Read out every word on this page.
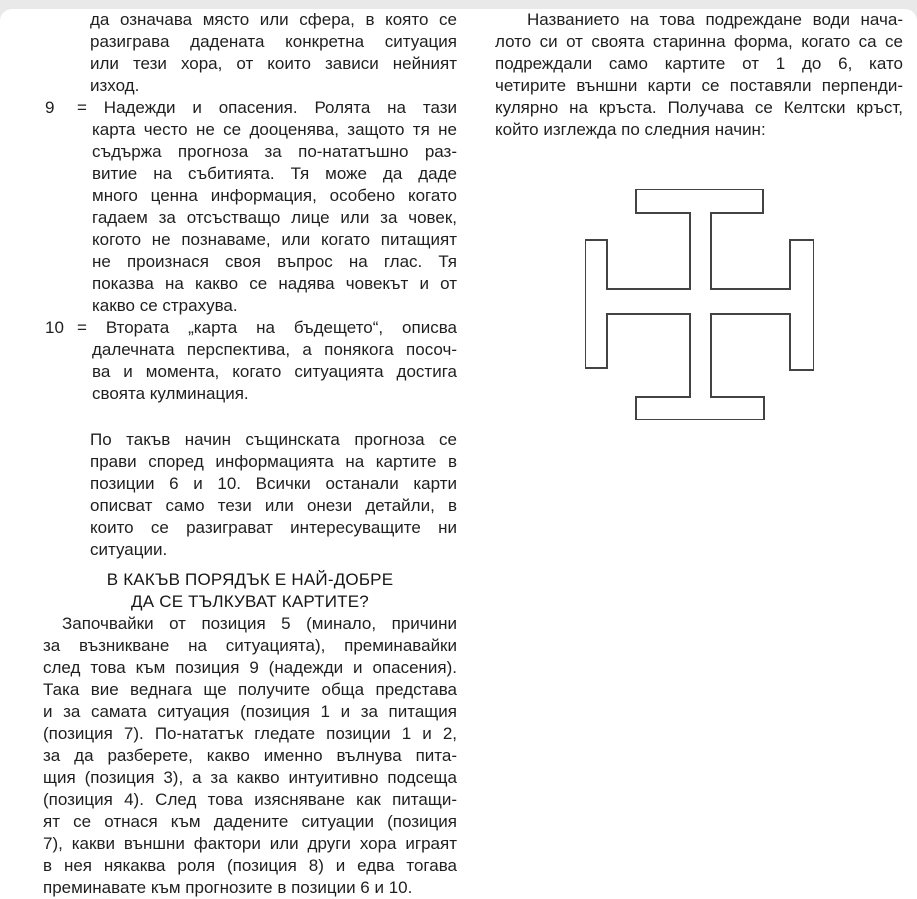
да означава място или сфера, в която се
разиграва дадената конкретна ситуация
или тези хора, от които зависи нейният
изход.
9	= Надежди и опасения. Ролята на тази
карта често не се дооценява, защото тя не
съдържа прогноза за по-нататъшно раз-
витие на събитията. Тя може да даде
много ценна информация, особено когато
гадаем за отсъстващо лице или за човек,
когото не познаваме, или когато питащият
не произнася своя въпрос на глас. Тя
показва на какво се надява човекът и от
какво се страхува.
10 = Втората „карта на бъдещето“, описва
далечната перспектива, а понякога посоч-
ва и момента, когато ситуацията достига
своята кулминация.
По такъв начин същинската прогноза се
прави според информацията на картите в
позиции 6 и 10. Всички останали карти
описват само тези или онези детайли, в
които се разиграват интересуващите ни
ситуации.
В КАКЪВ ПОРЯДЪК Е НАЙ-ДОБРЕ
ДА СЕ ТЪЛКУВАТ КАРТИТЕ?
Започвайки от позиция 5 (минало, причини
за възникване на ситуацията), преминавайки
след това към позиция 9 (надежди и опасения).
Така вие веднага ще получите обща представа
и за самата ситуация (позиция 1 и за питащия
(позиция 7). По-нататък гледате позиции 1 и 2,
за да разберете, какво именно вълнува пита-
щия (позиция 3), а за какво интуитивно подсеща
(позиция 4). След това изясняване как питащи-
ят се отнася към дадените ситуации (позиция
7), какви външни фактори или други хора играят
в нея някаква роля (позиция 8) и едва тогава
преминавате към прогнозите в позиции 6 и 10.
Названието на това подреждане води нача-
лото си от своята старинна форма, когато са се
подреждали само картите от 1 до 6, като
четирите външни карти се поставяли перпенди-
кулярно на кръста. Получава се Келтски кръст,
който изглежда по следния начин:
